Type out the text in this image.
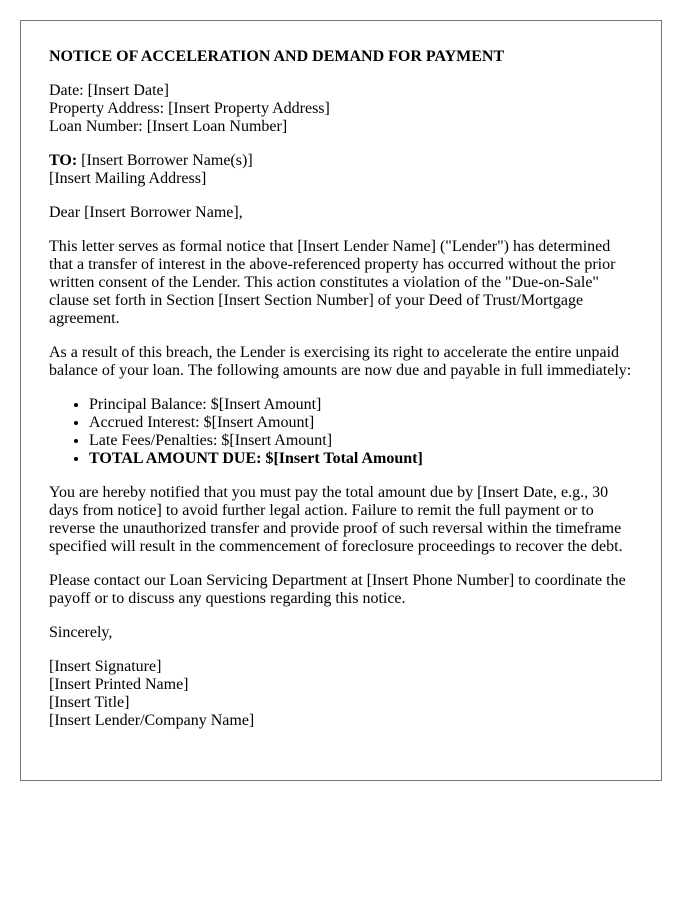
NOTICE OF ACCELERATION AND DEMAND FOR PAYMENT

Date: [Insert Date]
Property Address: [Insert Property Address]
Loan Number: [Insert Loan Number]

TO: [Insert Borrower Name(s)]
[Insert Mailing Address]

Dear [Insert Borrower Name],

This letter serves as formal notice that [Insert Lender Name] ("Lender") has determined that a transfer of interest in the above-referenced property has occurred without the prior written consent of the Lender. This action constitutes a violation of the "Due-on-Sale" clause set forth in Section [Insert Section Number] of your Deed of Trust/Mortgage agreement.

As a result of this breach, the Lender is exercising its right to accelerate the entire unpaid balance of your loan. The following amounts are now due and payable in full immediately:

• Principal Balance: $[Insert Amount]
• Accrued Interest: $[Insert Amount]
• Late Fees/Penalties: $[Insert Amount]
• TOTAL AMOUNT DUE: $[Insert Total Amount]

You are hereby notified that you must pay the total amount due by [Insert Date, e.g., 30 days from notice] to avoid further legal action. Failure to remit the full payment or to reverse the unauthorized transfer and provide proof of such reversal within the timeframe specified will result in the commencement of foreclosure proceedings to recover the debt.

Please contact our Loan Servicing Department at [Insert Phone Number] to coordinate the payoff or to discuss any questions regarding this notice.

Sincerely,

[Insert Signature]
[Insert Printed Name]
[Insert Title]
[Insert Lender/Company Name]
